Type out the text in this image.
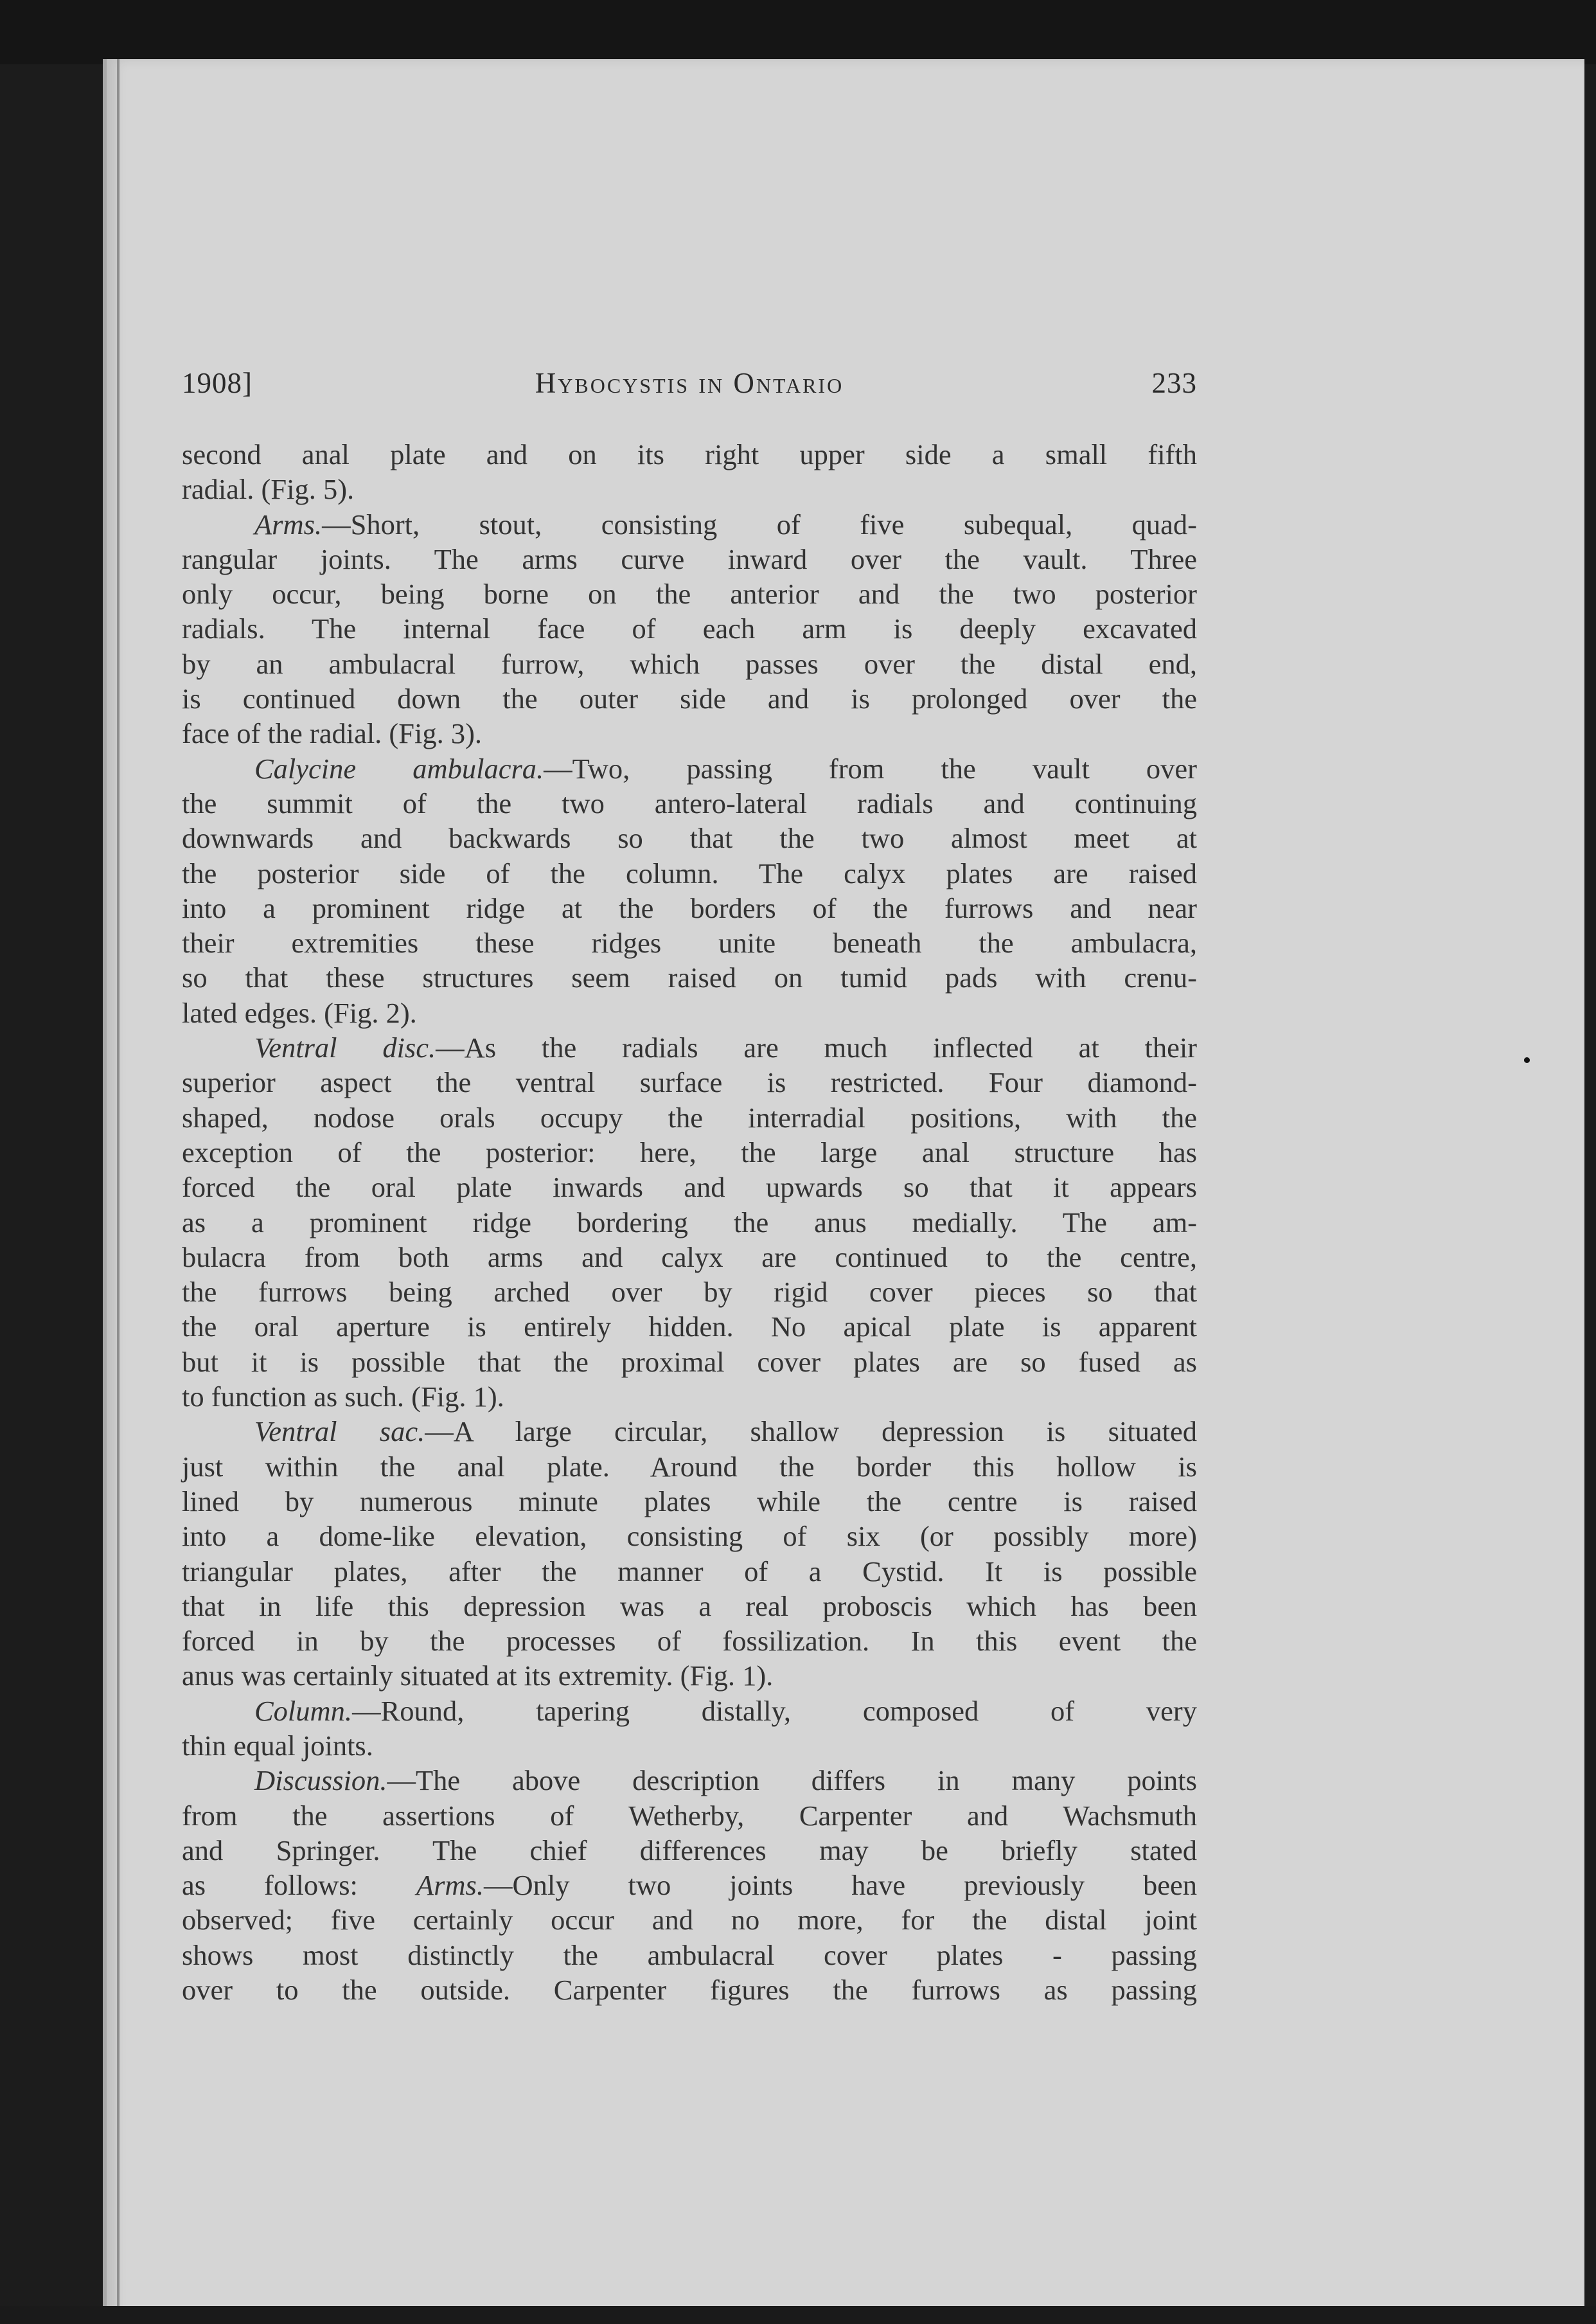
1908]	Hybocystis in Ontario	233
second anal plate and on its right upper side a small fifth
radial. (Fig. 5).
Arms.—Short, stout, consisting of five subequal, quad-
rangular joints. The arms curve inward over the vault. Three
only occur, being borne on the anterior and the two posterior
radials. The internal face of each arm is deeply excavated
by an ambulacral furrow, which passes over the distal end,
is continued down the outer side and is prolonged over the
face of the radial. (Fig. 3).
Calycine ambulacra.—Two, passing from the vault over
the summit of the two antero-lateral radials and continuing
downwards and backwards so that the two almost meet at
the posterior side of the column. The calyx plates are raised
into a prominent ridge at the borders of the furrows and near
their extremities these ridges unite beneath the ambulacra,
so that these structures seem raised on tumid pads with crenu-
lated edges. (Fig. 2).
Ventral disc.—As the radials are much inflected at their
superior aspect the ventral surface is restricted. Four diamond-
shaped, nodose orals occupy the interradial positions, with the
exception of the posterior: here, the large anal structure has
forced the oral plate inwards and upwards so that it appears
as a prominent ridge bordering the anus medially. The am-
bulacra from both arms and calyx are continued to the centre,
the furrows being arched over by rigid cover pieces so that
the oral aperture is entirely hidden. No apical plate is apparent
but it is possible that the proximal cover plates are so fused as
to function as such. (Fig. 1).
Ventral sac.—A large circular, shallow depression is situated
just within the anal plate. Around the border this hollow is
lined by numerous minute plates while the centre is raised
into a dome-like elevation, consisting of six (or possibly more)
triangular plates, after the manner of a Cystid. It is possible
that in life this depression was a real proboscis which has been
forced in by the processes of fossilization. In this event the
anus was certainly situated at its extremity. (Fig. 1).
Column.—Round, tapering distally, composed of very
thin equal joints.
Discussion.—The above description differs in many points
from the assertions of Wetherby, Carpenter and Wachsmuth
and Springer. The chief differences may be briefly stated
as follows: Arms.—Only two joints have previously been
observed; five certainly occur and no more, for the distal joint
shows most distinctly the ambulacral cover plates - passing
over to the outside. Carpenter figures the furrows as passing
